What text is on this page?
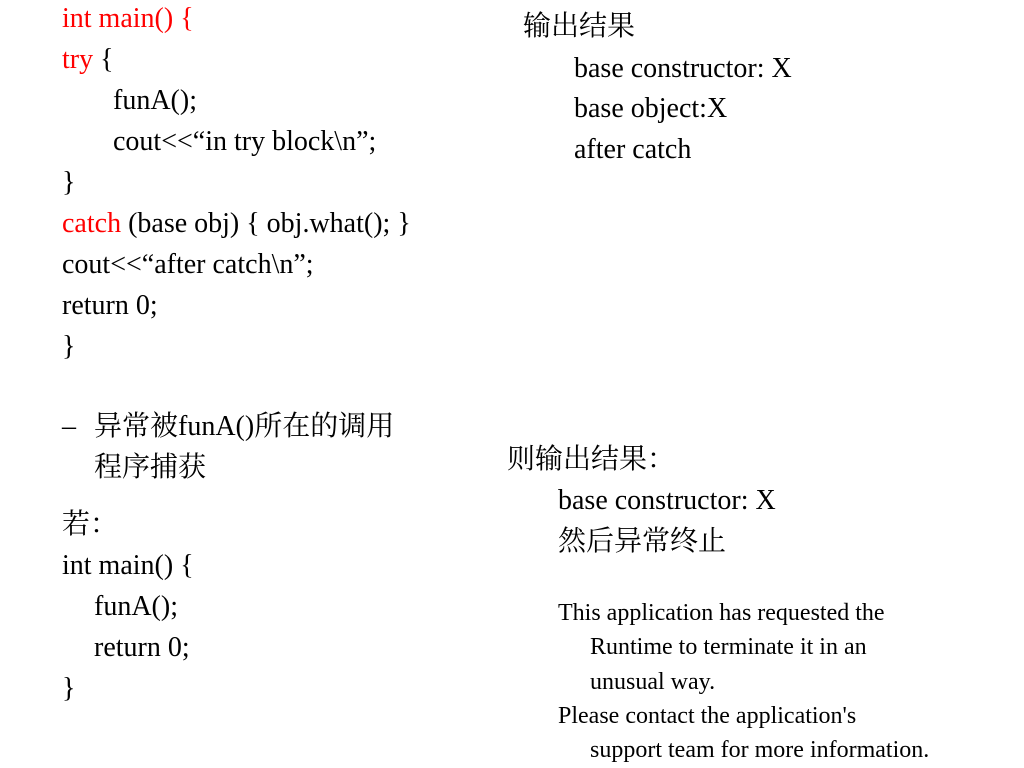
int main() {
try {
funA();
cout<<“in try block\n”;
}
catch (base obj) { obj.what(); }
cout<<“after catch\n”;
return 0;
}
– 异常被funA()所在的调用
程序捕获
若：
int main() {
funA();
return 0;
}
输出结果
base constructor: X
base object:X
after catch
则输出结果：
base constructor: X
然后异常终止
This application has requested the
Runtime to terminate it in an
unusual way.
Please contact the application's
support team for more information.
